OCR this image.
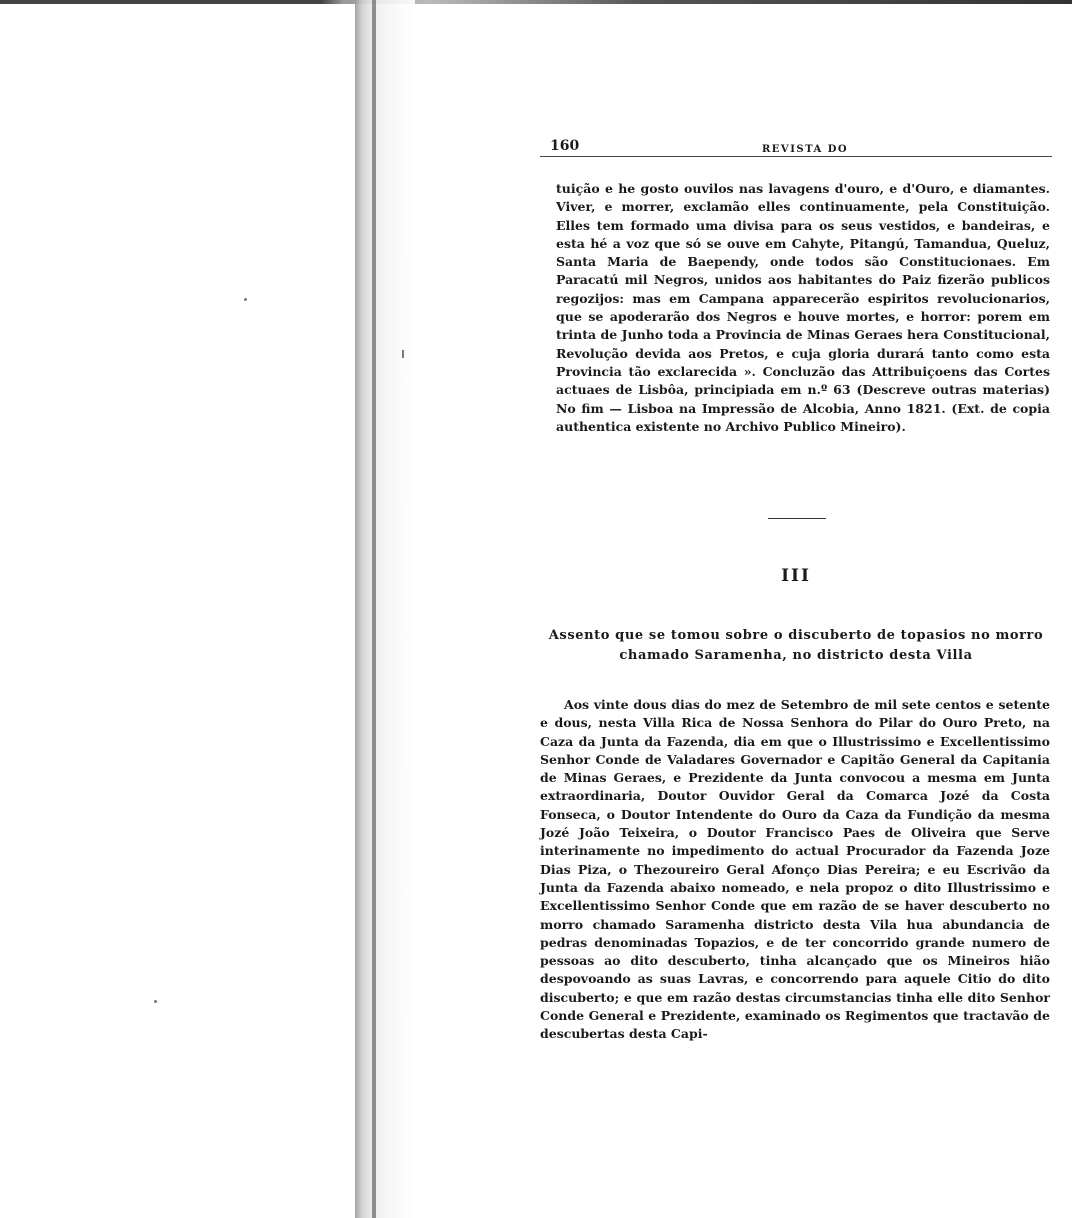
160	REVISTA DO

tuição e he gosto ouvilos nas lavagens d'ouro, e d'Ouro, e diamantes. Viver, e morrer, exclamão elles continuamente, pela Constituição. Elles tem formado uma divisa para os seus vestidos, e bandeiras, e esta hé a voz que só se ouve em Cahyte, Pitangú, Tamandua, Queluz, Santa Maria de Baependy, onde todos são Constitucionaes. Em Paracatú mil Negros, unidos aos habitantes do Paiz fizerão publicos regozijos: mas em Campana apparecerão espiritos revolucionarios, que se apoderarão dos Negros e houve mortes, e horror: porem em trinta de Junho toda a Provincia de Minas Geraes hera Constitucional, Revolução devida aos Pretos, e cuja gloria durará tanto como esta Provincia tão exclarecida ». Concluzão das Attribuiçoens das Cortes actuaes de Lisbôa, principiada em n.º 63 (Descreve outras materias) No fim — Lisboa na Impressão de Alcobia, Anno 1821. (Ext. de copia authentica existente no Archivo Publico Mineiro).

III
Assento que se tomou sobre o discuberto de topasios no morro chamado Saramenha, no districto desta Villa

Aos vinte dous dias do mez de Setembro de mil sete centos e setente e dous, nesta Villa Rica de Nossa Senhora do Pilar do Ouro Preto, na Caza da Junta da Fazenda, dia em que o Illustrissimo e Excellentissimo Senhor Conde de Valadares Governador e Capitão General da Capitania de Minas Geraes, e Prezidente da Junta convocou a mesma em Junta extraordinaria, Doutor Ouvidor Geral da Comarca Jozé da Costa Fonseca, o Doutor Intendente do Ouro da Caza da Fundição da mesma Jozé João Teixeira, o Doutor Francisco Paes de Oliveira que Serve interinamente no impedimento do actual Procurador da Fazenda Joze Dias Piza, o Thezoureiro Geral Afonço Dias Pereira; e eu Escrivão da Junta da Fazenda abaixo nomeado, e nela propoz o dito Illustrissimo e Excellentissimo Senhor Conde que em razão de se haver descuberto no morro chamado Saramenha districto desta Vila hua abundancia de pedras denominadas Topazios, e de ter concorrido grande numero de pessoas ao dito descuberto, tinha alcançado que os Mineiros hião despovoando as suas Lavras, e concorrendo para aquele Citio do dito discuberto; e que em razão destas circumstancias tinha elle dito Senhor Conde General e Prezidente, examinado os Regimentos que tractavão de descubertas desta Capi-
